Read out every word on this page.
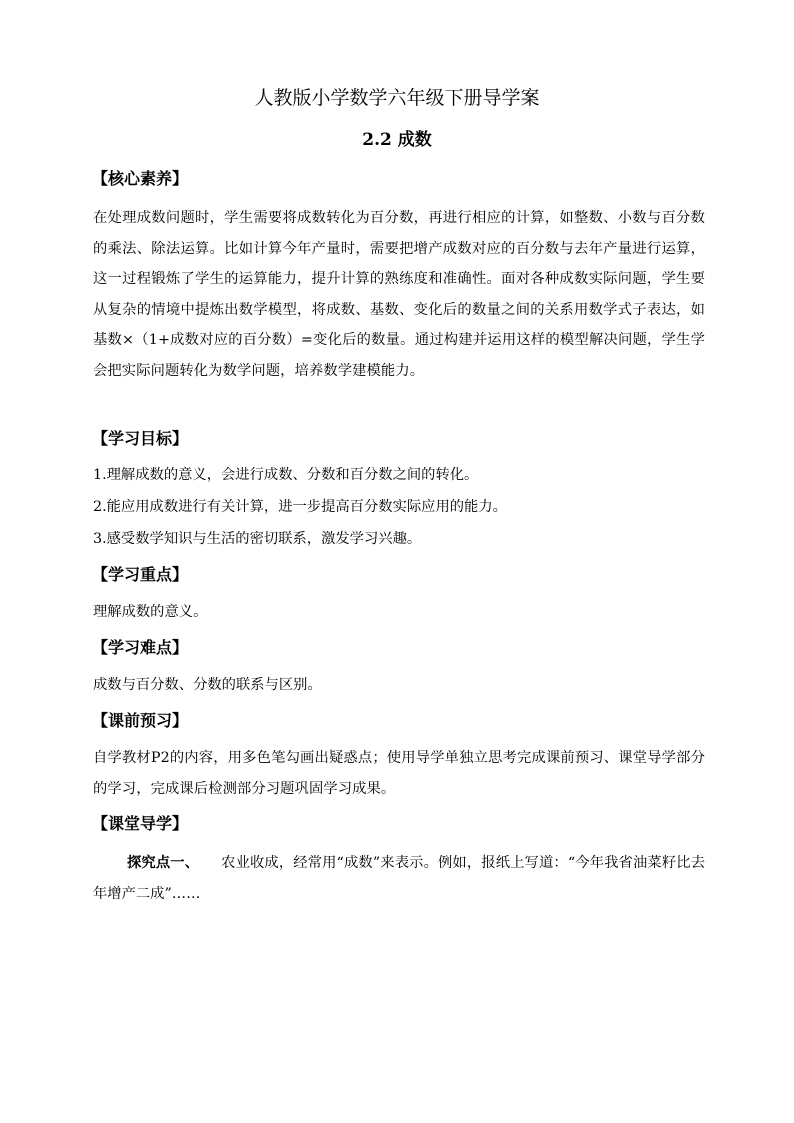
人教版小学数学六年级下册导学案
2.2 成数
【核心素养】

在处理成数问题时，学生需要将成数转化为百分数，再进行相应的计算，如整数、小数与百分数的乘法、除法运算。比如计算今年产量时，需要把增产成数对应的百分数与去年产量进行运算，这一过程锻炼了学生的运算能力，提升计算的熟练度和准确性。面对各种成数实际问题，学生要从复杂的情境中提炼出数学模型，将成数、基数、变化后的数量之间的关系用数学式子表达，如基数×（1+成数对应的百分数）=变化后的数量。通过构建并运用这样的模型解决问题，学生学会把实际问题转化为数学问题，培养数学建模能力。

【学习目标】
1.理解成数的意义，会进行成数、分数和百分数之间的转化。
2.能应用成数进行有关计算，进一步提高百分数实际应用的能力。
3.感受数学知识与生活的密切联系，激发学习兴趣。
【学习重点】
理解成数的意义。
【学习难点】
成数与百分数、分数的联系与区别。
【课前预习】

自学教材P2的内容，用多色笔勾画出疑惑点；使用导学单独立思考完成课前预习、课堂导学部分的学习，完成课后检测部分习题巩固学习成果。

【课堂导学】

探究点一、 农业收成，经常用“成数”来表示。例如，报纸上写道：“今年我省油菜籽比去年增产二成”……
